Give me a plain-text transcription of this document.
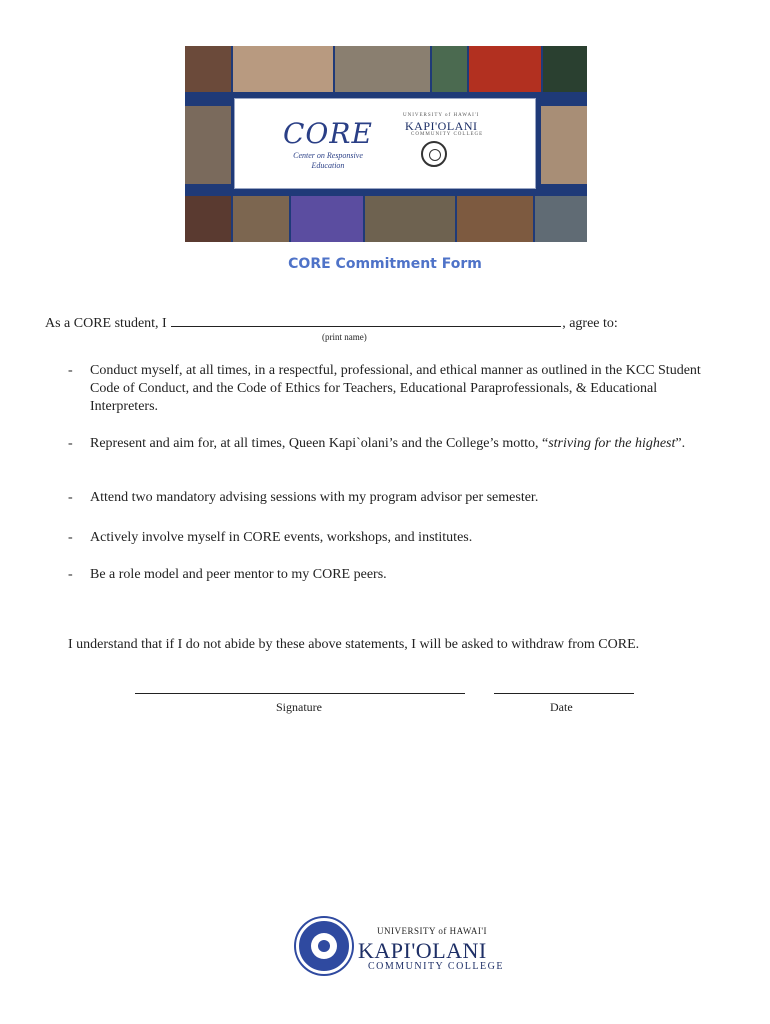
CORE
Center on Responsive Education
UNIVERSITY of HAWAI'I
KAPI'OLANI
COMMUNITY COLLEGE
CORE Commitment Form
As a CORE student, I	, agree to:
(print name)
- Conduct myself, at all times, in a respectful, professional, and ethical manner as outlined in the KCC Student Code of Conduct, and the Code of Ethics for Teachers, Educational Paraprofessionals, & Educational Interpreters.
- Represent and aim for, at all times, Queen Kapi`olani’s and the College’s motto, “striving for the highest”.
- Attend two mandatory advising sessions with my program advisor per semester.
- Actively involve myself in CORE events, workshops, and institutes.
- Be a role model and peer mentor to my CORE peers.
I understand that if I do not abide by these above statements, I will be asked to withdraw from CORE.
Signature	Date
UNIVERSITY of HAWAI'I
KAPI'OLANI
COMMUNITY COLLEGE
